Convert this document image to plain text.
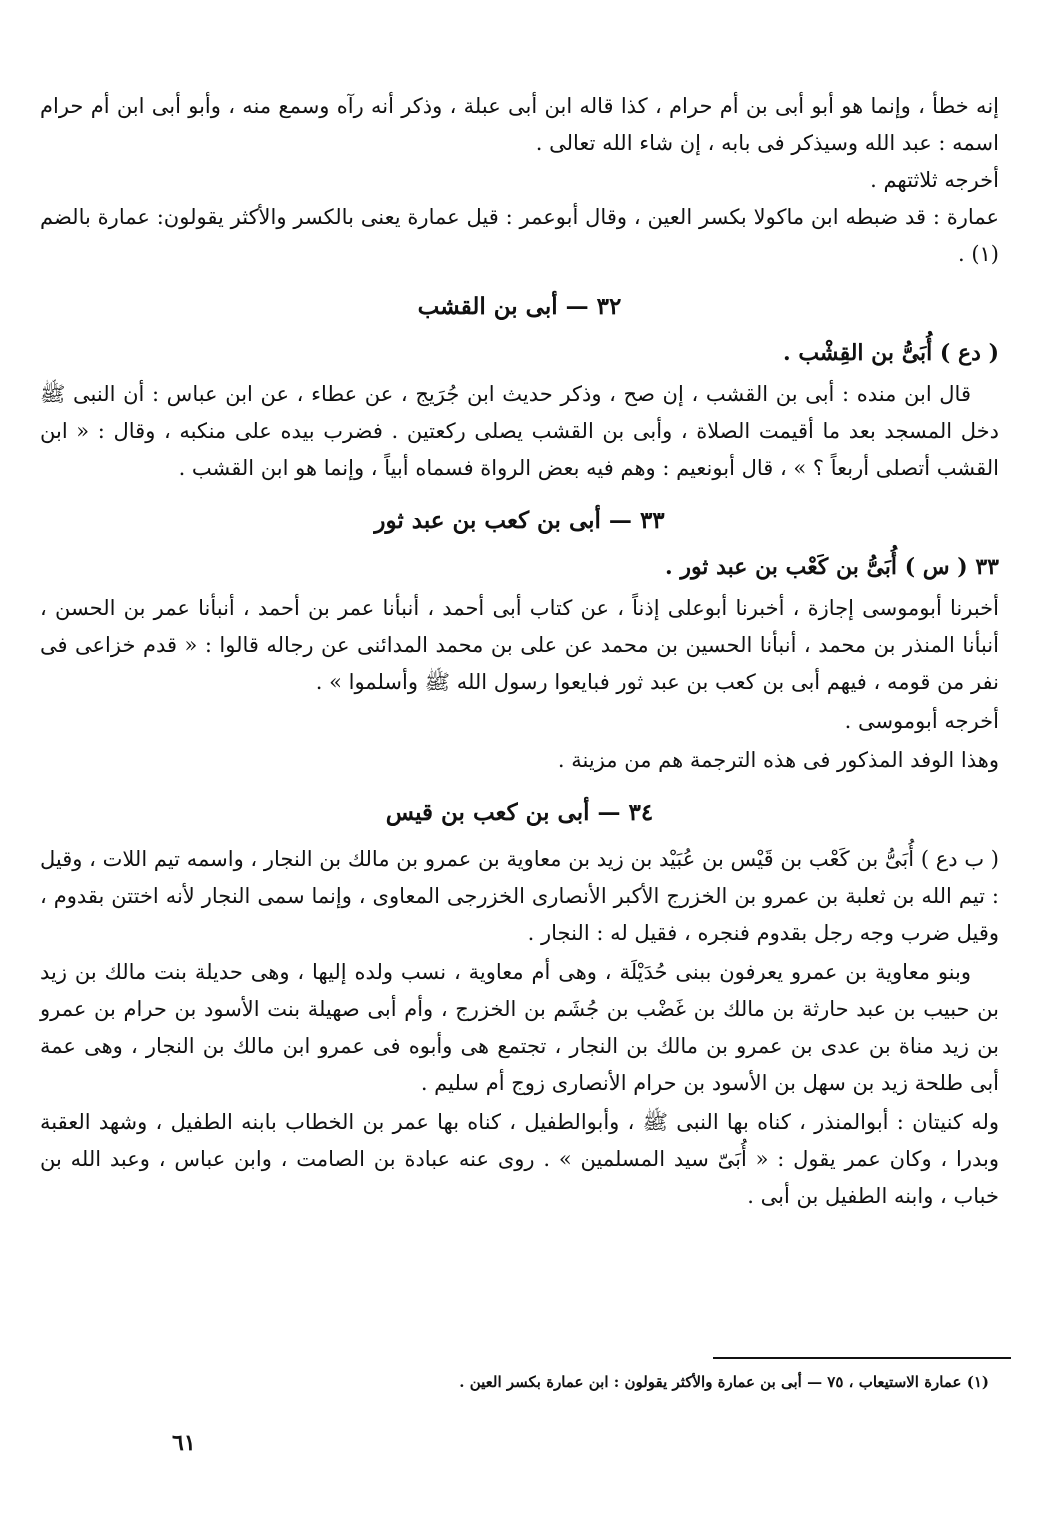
إنه خطأ ، وإنما هو أبو أبى بن أم حرام ، كذا قاله ابن أبى عبلة ، وذكر أنه رآه وسمع منه ، وأبو أبى ابن أم حرام اسمه : عبد الله وسيذكر فى بابه ، إن شاء الله تعالى .

أخرجه ثلاثتهم .

عمارة : قد ضبطه ابن ماكولا بكسر العين ، وقال أبوعمر : قيل عمارة يعنى بالكسر والأكثر يقولون: عمارة بالضم (١) .

٣٢ — أبى بن القشب
( دع ) أُبَىُّ بن القِشْب .

قال ابن منده : أبى بن القشب ، إن صح ، وذكر حديث ابن جُرَيج ، عن عطاء ، عن ابن عباس : أن النبى ﷺ دخل المسجد بعد ما أقيمت الصلاة ، وأبى بن القشب يصلى ركعتين . فضرب بيده على منكبه ، وقال : « ابن القشب أتصلى أربعاً ؟ » ، قال أبونعيم : وهم فيه بعض الرواة فسماه أبياً ، وإنما هو ابن القشب .

٣٣ — أبى بن كعب بن عبد ثور
٣٣ ( س ) أُبَىُّ بن كَعْب بن عبد ثور .

أخبرنا أبوموسى إجازة ، أخبرنا أبوعلى إذناً ، عن كتاب أبى أحمد ، أنبأنا عمر بن أحمد ، أنبأنا عمر بن الحسن ، أنبأنا المنذر بن محمد ، أنبأنا الحسين بن محمد عن على بن محمد المدائنى عن رجاله قالوا : « قدم خزاعى فى نفر من قومه ، فيهم أبى بن كعب بن عبد ثور فبايعوا رسول الله ﷺ وأسلموا » .

أخرجه أبوموسى .

وهذا الوفد المذكور فى هذه الترجمة هم من مزينة .

٣٤ — أبى بن كعب بن قيس

( ب دع ) أُبَىُّ بن كَعْب بن قَيْس بن عُبَيْد بن زيد بن معاوية بن عمرو بن مالك بن النجار ، واسمه تيم اللات ، وقيل : تيم الله بن ثعلبة بن عمرو بن الخزرج الأكبر الأنصارى الخزرجى المعاوى ، وإنما سمى النجار لأنه اختتن بقدوم ، وقيل ضرب وجه رجل بقدوم فنجره ، فقيل له : النجار .

وبنو معاوية بن عمرو يعرفون ببنى حُدَيْلَة ، وهى أم معاوية ، نسب ولده إليها ، وهى حديلة بنت مالك بن زيد بن حبيب بن عبد حارثة بن مالك بن غَضْب بن جُشَم بن الخزرج ، وأم أبى صهيلة بنت الأسود بن حرام بن عمرو بن زيد مناة بن عدى بن عمرو بن مالك بن النجار ، تجتمع هى وأبوه فى عمرو ابن مالك بن النجار ، وهى عمة أبى طلحة زيد بن سهل بن الأسود بن حرام الأنصارى زوج أم سليم .

وله كنيتان : أبوالمنذر ، كناه بها النبى ﷺ ، وأبوالطفيل ، كناه بها عمر بن الخطاب بابنه الطفيل ، وشهد العقبة وبدرا ، وكان عمر يقول : « أُبَىّ سيد المسلمين » . روى عنه عبادة بن الصامت ، وابن عباس ، وعبد الله بن خباب ، وابنه الطفيل بن أبى .

(١) عمارة الاستيعاب ، ٧٥ — أبى بن عمارة والأكثر يقولون : ابن عمارة بكسر العين .
٦١
